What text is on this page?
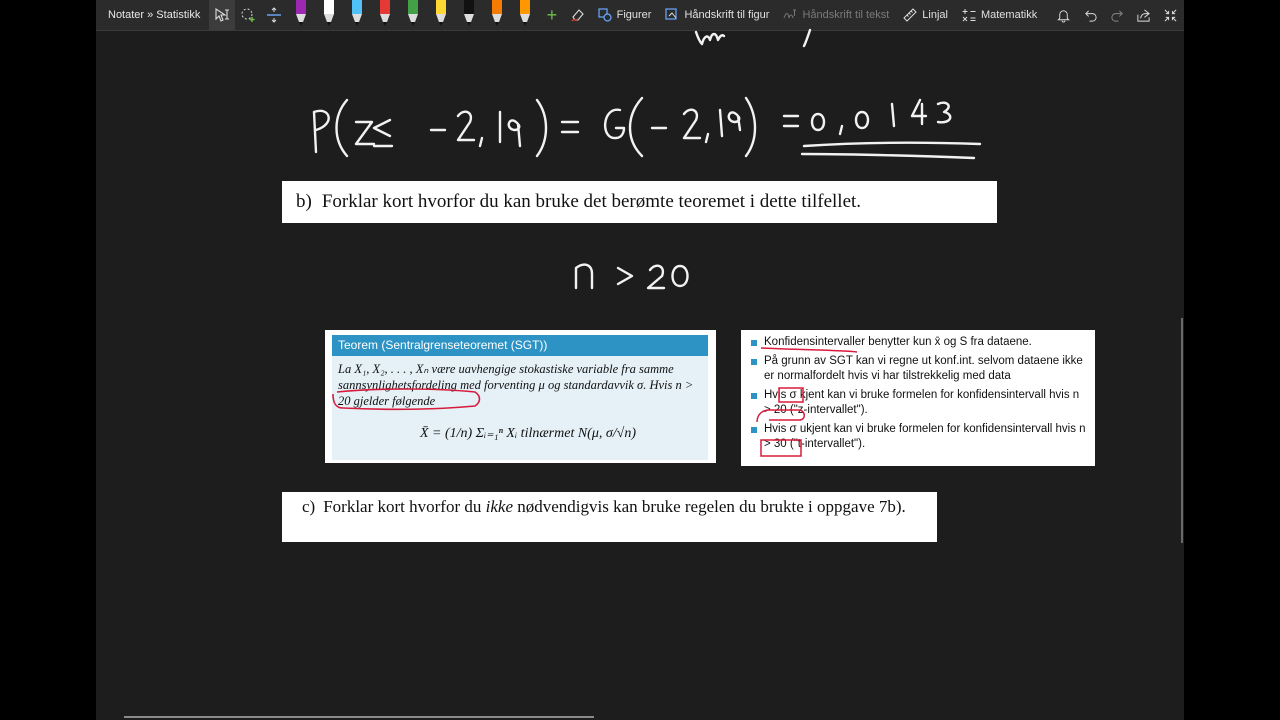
Notater » Statistikk	+	Figurer	Håndskrift til figur	Håndskrift til tekst	Linjal	Matematikk
b) Forklar kort hvorfor du kan bruke det berømte teoremet i dette tilfellet.
Teorem (Sentralgrenseteoremet (SGT))
La X₁, X₂, . . . , Xₙ være uavhengige stokastiske variable fra samme sannsynlighetsfordeling med forventing μ og standardavvik σ. Hvis n > 20 gjelder følgende
X̄ = (1/n) Σᵢ₌₁ⁿ Xᵢ tilnærmet N(μ, σ/√n)
Konfidensintervaller benytter kun x̄ og S fra dataene.
På grunn av SGT kan vi regne ut konf.int. selvom dataene ikke er normalfordelt hvis vi har tilstrekkelig med data
Hvis σ kjent kan vi bruke formelen for konfidensintervall hvis n > 20 ("z-intervallet").
Hvis σ ukjent kan vi bruke formelen for konfidensintervall hvis n > 30 ("t-intervallet").
c) Forklar kort hvorfor du ikke nødvendigvis kan bruke regelen du brukte i oppgave 7b).
